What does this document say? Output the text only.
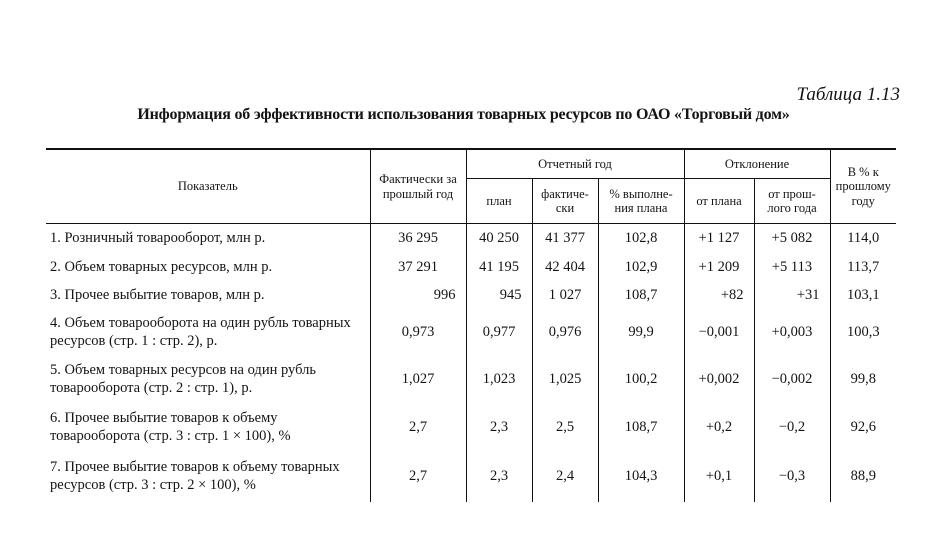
Таблица 1.13
Информация об эффективности использования товарных ресурсов по ОАО «Торговый дом»
Показатель	Фактически за прошлый год	Отчетный год			Отклонение		В % к прошлому году
		план	фактиче-ски	% выполне-ния плана	от плана	от прош-лого года	
1. Розничный товарооборот, млн р.	36 295	40 250	41 377	102,8	+1 127	+5 082	114,0
2. Объем товарных ресурсов, млн р.	37 291	41 195	42 404	102,9	+1 209	+5 113	113,7
3. Прочее выбытие товаров, млн р.	996	945	1 027	108,7	+82	+31	103,1
4. Объем товарооборота на один рубль товарных ресурсов (стр. 1 : стр. 2), р.	0,973	0,977	0,976	99,9	−0,001	+0,003	100,3
5. Объем товарных ресурсов на один рубль товарооборота (стр. 2 : стр. 1), р.	1,027	1,023	1,025	100,2	+0,002	−0,002	99,8
6. Прочее выбытие товаров к объему товарооборота (стр. 3 : стр. 1 × 100), %	2,7	2,3	2,5	108,7	+0,2	−0,2	92,6
7. Прочее выбытие товаров к объему товарных ресурсов (стр. 3 : стр. 2 × 100), %	2,7	2,3	2,4	104,3	+0,1	−0,3	88,9
